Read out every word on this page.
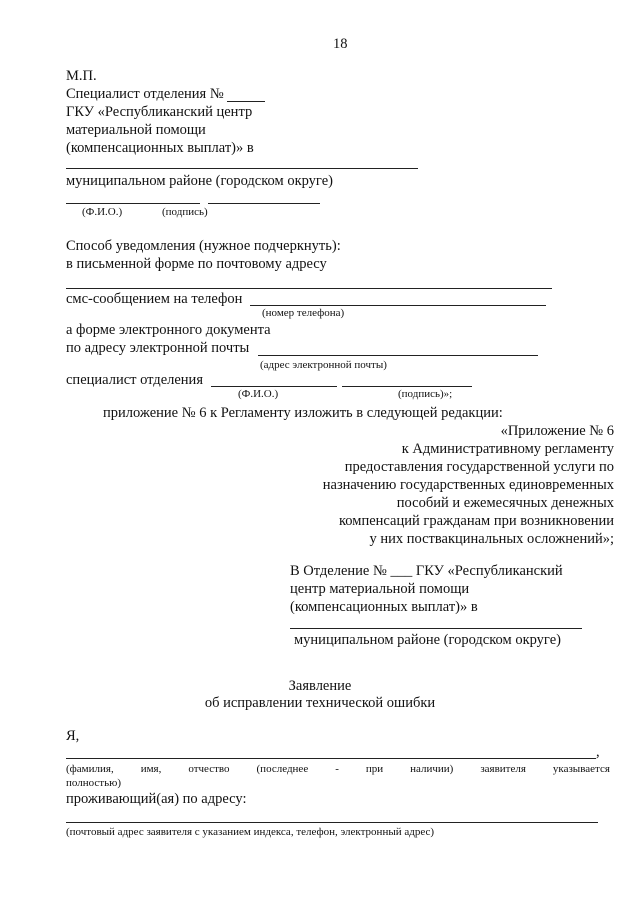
18
М.П.
Специалист отделения №
ГКУ «Республиканский центр
материальной помощи
(компенсационных выплат)» в
муниципальном районе (городском округе)
(Ф.И.О.)	(подпись)
Способ уведомления (нужное подчеркнуть):
в письменной форме по почтовому адресу
смс-сообщением на телефон
(номер телефона)
а форме электронного документа
по адресу электронной почты
(адрес электронной почты)
специалист отделения
(Ф.И.О.)	(подпись)»;
приложение № 6 к Регламенту изложить в следующей редакции:
«Приложение № 6
к Административному регламенту
предоставления государственной услуги по
назначению государственных единовременных
пособий и ежемесячных денежных
компенсаций гражданам при возникновении
у них поствакцинальных осложнений»;
В Отделение № ___ ГКУ «Республиканский
центр материальной помощи
(компенсационных выплат)» в
муниципальном районе (городском округе)
Заявление
об исправлении технической ошибки
Я,
,
(фамилия, имя, отчество (последнее - при наличии) заявителя указывается
полностью)
проживающий(ая) по адресу:
(почтовый адрес заявителя с указанием индекса, телефон, электронный адрес)
